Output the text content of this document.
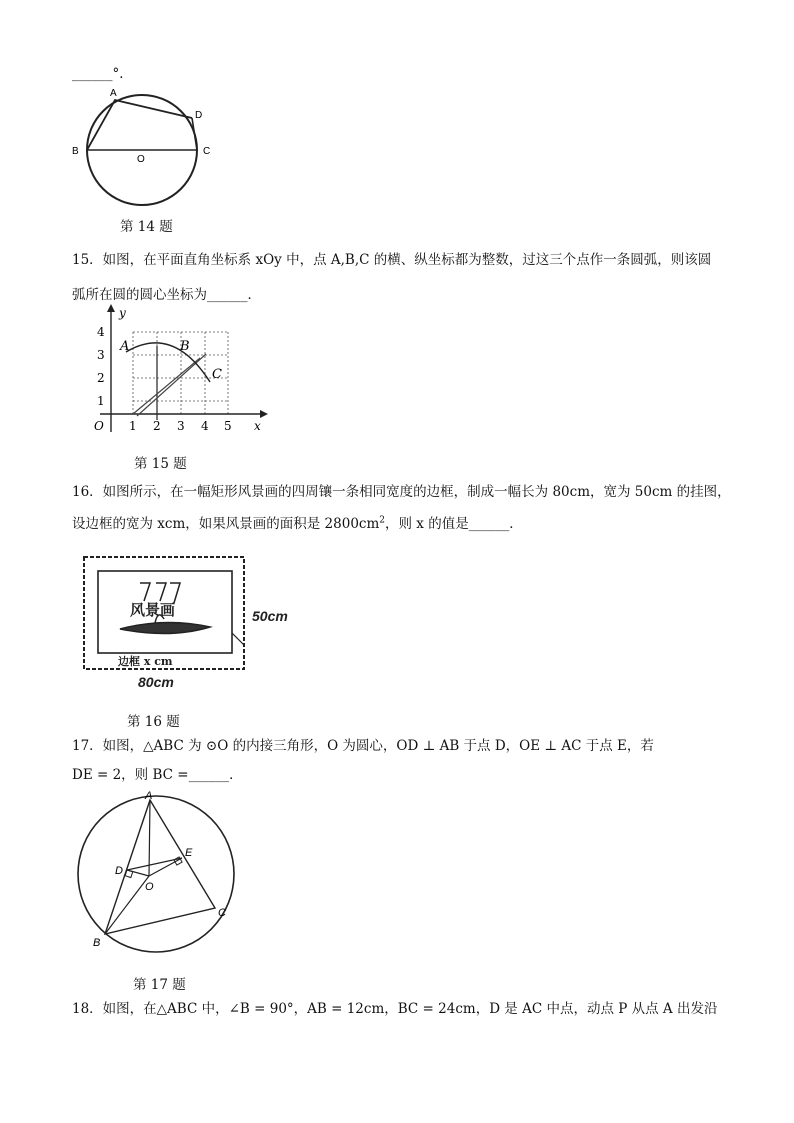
______°．
A
B	C
D
O
第 14 题
15．如图，在平面直角坐标系 xOy 中，点 A,B,C 的横、纵坐标都为整数，过这三个点作一条圆弧，则该圆
弧所在圆的圆心坐标为______．
O	x
y
1 2 3 4 5
1
2
3
4
A	B
C
第 15 题
16．如图所示，在一幅矩形风景画的四周镶一条相同宽度的边框，制成一幅长为 80cm，宽为 50cm 的挂图，
设边框的宽为 xcm，如果风景画的面积是 $2800cm^2$，则 x 的值是______．
风景画
边框 x cm
50cm
80cm
第 16 题
17．如图，△ABC 为 ⊙O 的内接三角形，O 为圆心，OD ⊥ AB 于点 D，OE ⊥ AC 于点 E，若
DE = 2，则 BC =______．
A
B
C
D
E
O
第 17 题
18．如图，在△ABC 中，∠B = 90°，AB = 12cm，BC = 24cm，D 是 AC 中点，动点 P 从点 A 出发沿
